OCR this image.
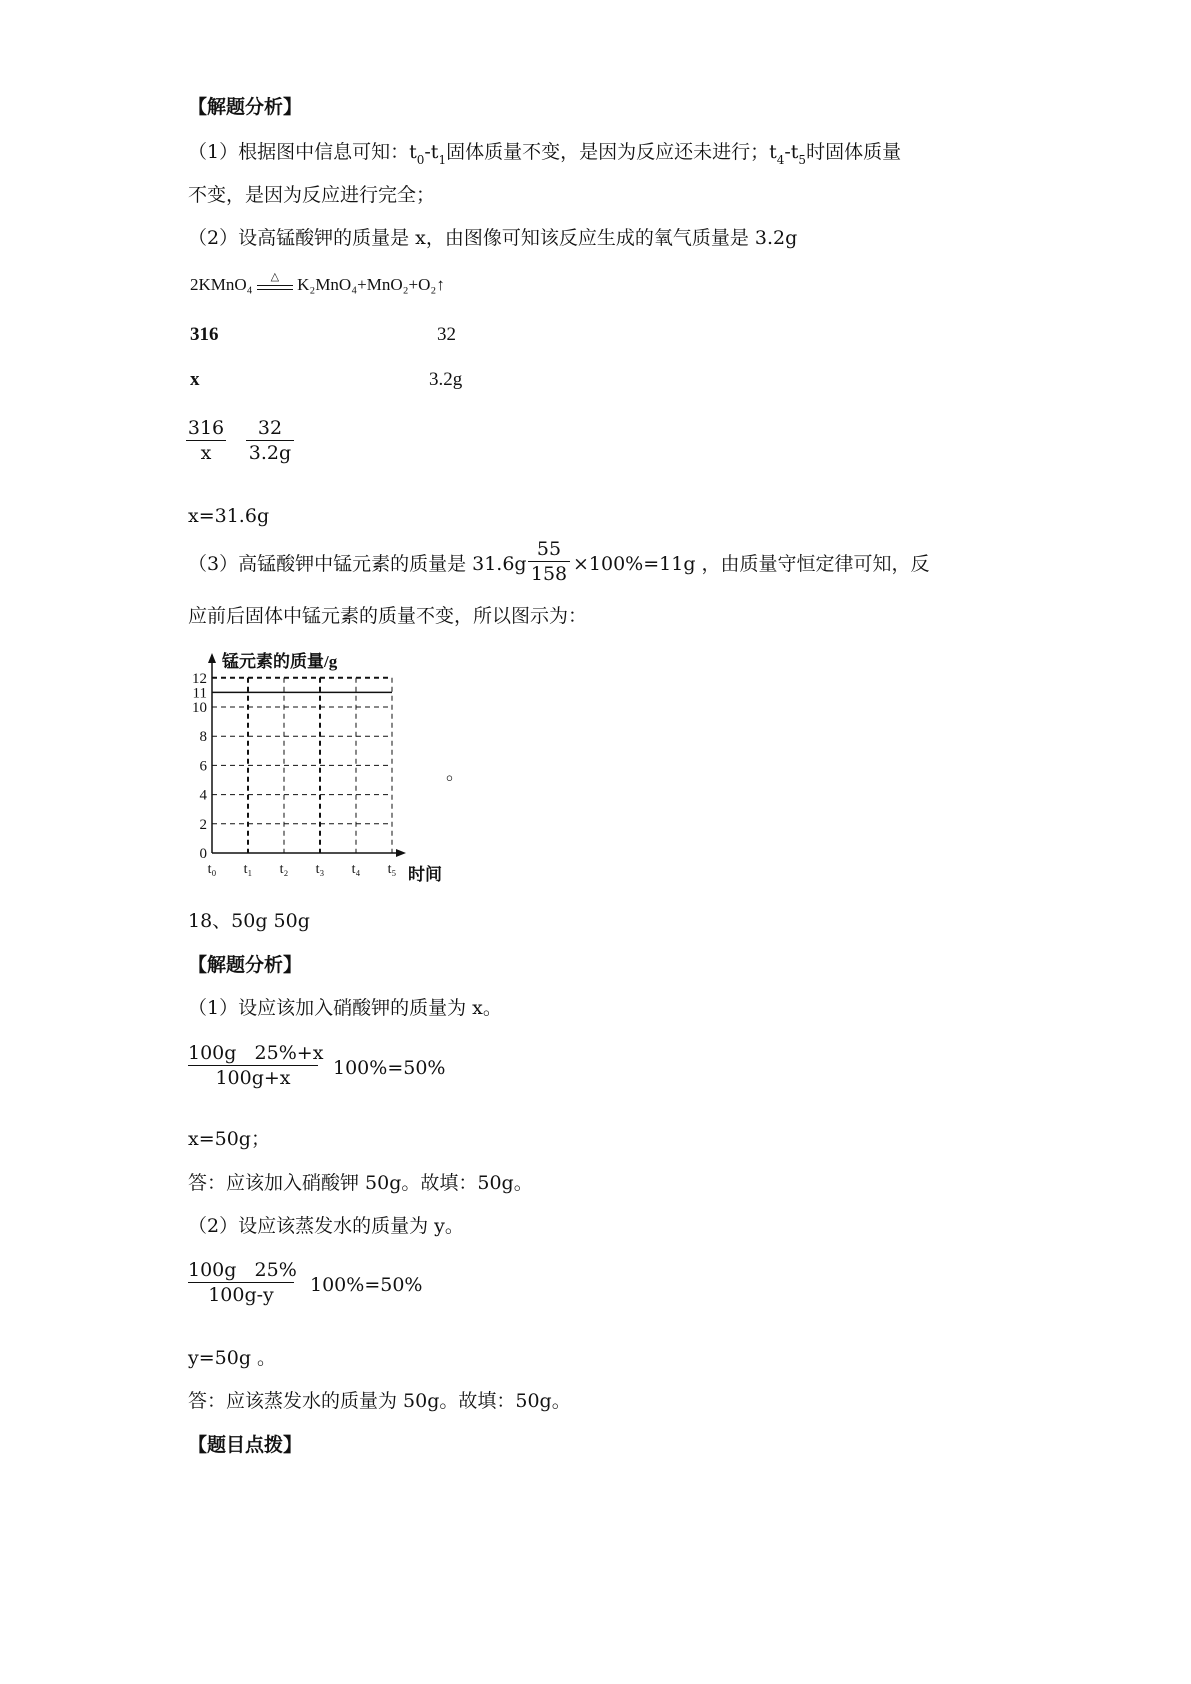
【解题分析】
（1）根据图中信息可知：$t_0-t_1$固体质量不变，是因为反应还未进行；$t_4-t_5$时固体质量
不变，是因为反应进行完全；
（2）设高锰酸钾的质量是 x，由图像可知该反应生成的氧气质量是 3.2g
2KMnO₄	△	K₂MnO₄+MnO₂+O₂↑
316	32
x	3.2g
316
x
32
3.2g
x=31.6g
（3）高锰酸钾中锰元素的质量是 31.6g
55
158 ×100%=11g ，由质量守恒定律可知，反
应前后固体中锰元素的质量不变，所以图示为：
0
2
4
6
8
10
11
12
t₀ t₁ t₂ t₃ t₄ t₅
锰元素的质量/g
时间
。
18、50g 50g
【解题分析】
（1）设应该加入硝酸钾的质量为 x。
100g   25%+x
100g+x	100%=50%
x=50g；
答：应该加入硝酸钾 50g。故填：50g。
（2）设应该蒸发水的质量为 y。
100g   25%
100g-y	100%=50%
y=50g 。
答：应该蒸发水的质量为 50g。故填：50g。
【题目点拨】
